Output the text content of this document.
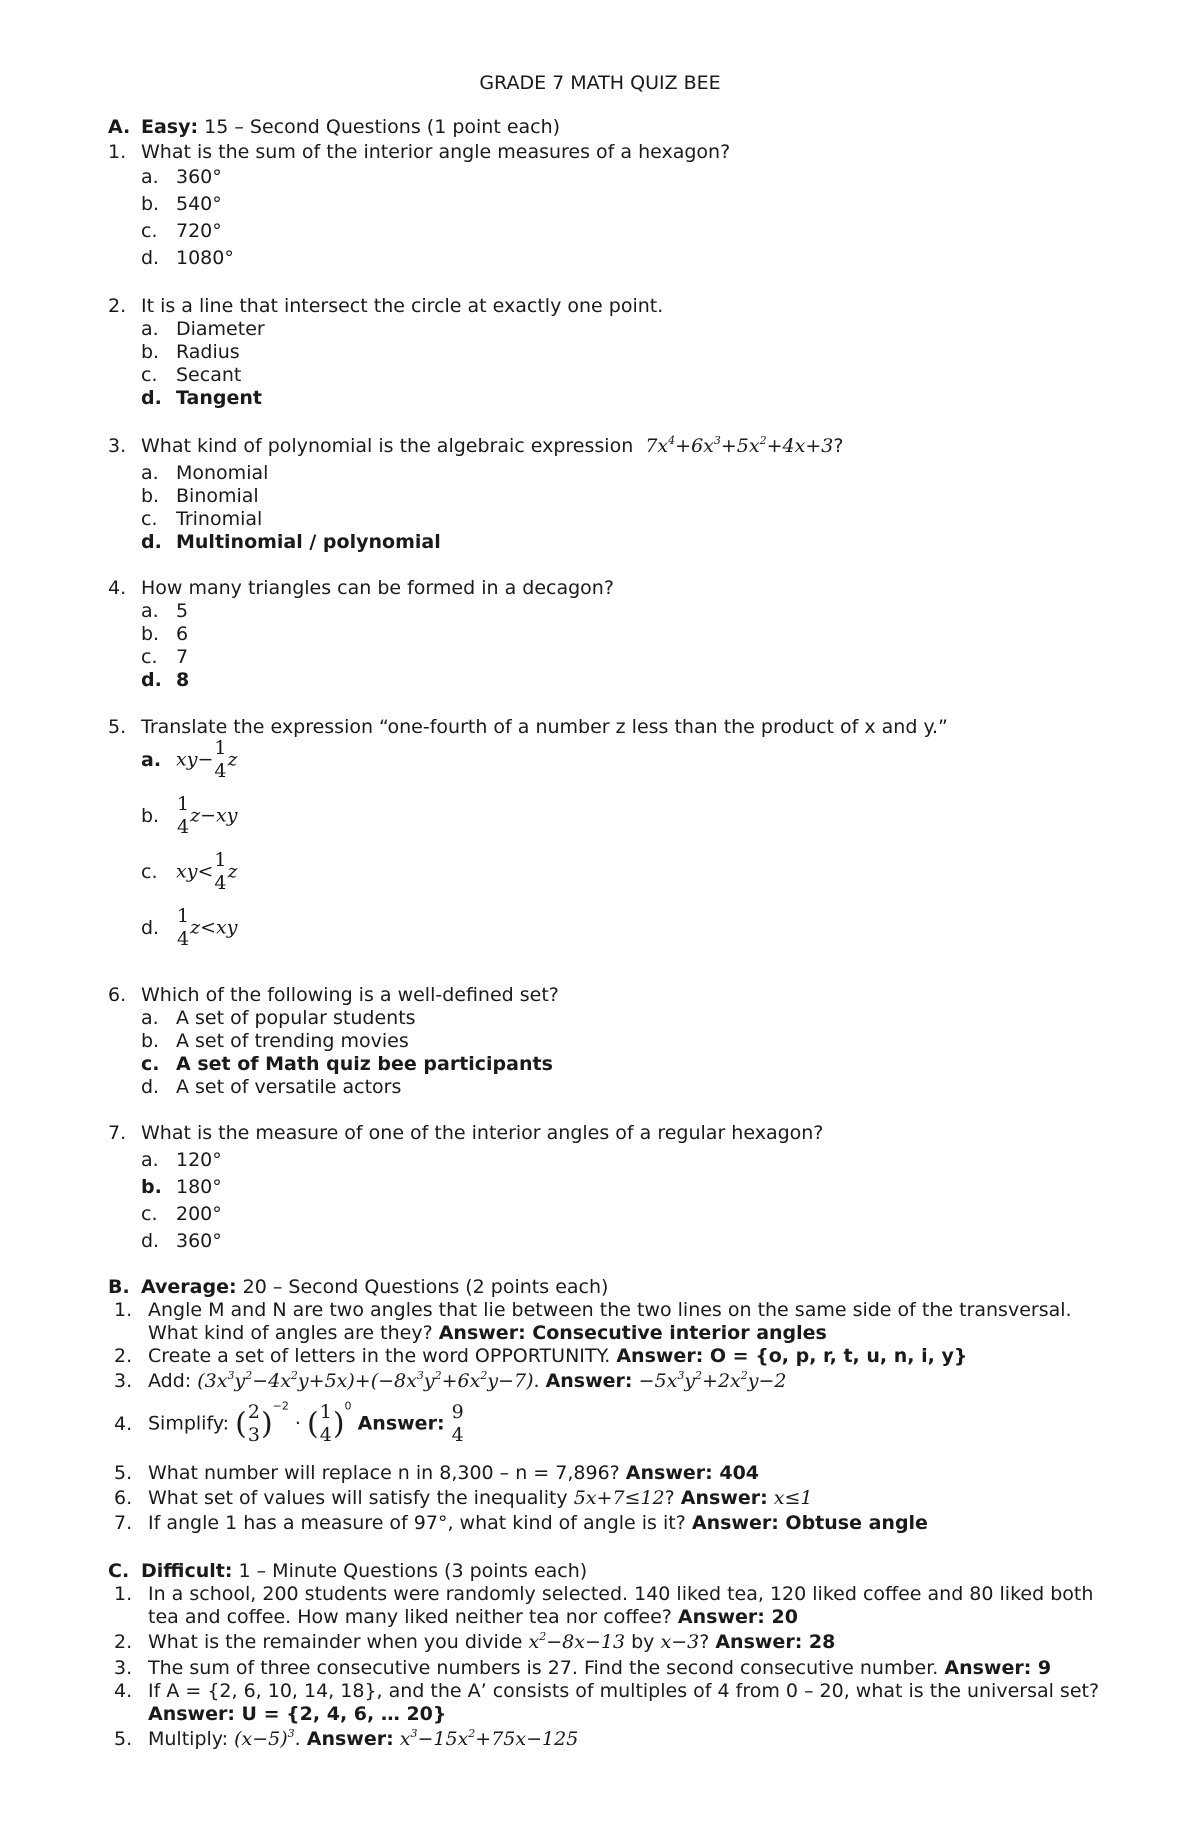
GRADE 7 MATH QUIZ BEE
A. Easy: 15 – Second Questions (1 point each)
1. What is the sum of the interior angle measures of a hexagon?
a. 360°
b. 540°
c. 720°
d. 1080°
2. It is a line that intersect the circle at exactly one point.
a. Diameter
b. Radius
c. Secant
d. Tangent
3. What kind of polynomial is the algebraic expression $7x^4+6x^3+5x^2+4x+3$?
a. Monomial
b. Binomial
c. Trinomial
d. Multinomial / polynomial
4. How many triangles can be formed in a decagon?
a. 5
b. 6
c. 7
d. 8
5. Translate the expression “one-fourth of a number z less than the product of x and y.”
a. xy−
1
4
z
b.
1
4
z−xy
c. xy<
1
4
z
d.
1
4
z<xy
6. Which of the following is a well-defined set?
a. A set of popular students
b. A set of trending movies
c. A set of Math quiz bee participants
d. A set of versatile actors
7. What is the measure of one of the interior angles of a regular hexagon?
a. 120°
b. 180°
c. 200°
d. 360°
B. Average: 20 – Second Questions (2 points each)
1. Angle M and N are two angles that lie between the two lines on the same side of the transversal.
What kind of angles are they? Answer: Consecutive interior angles
2. Create a set of letters in the word OPPORTUNITY. Answer: O = {o, p, r, t, u, n, i, y}
3. Add: $(3x^3y^2-4x^2y+5x)+(-8x^3y^2+6x^2y-7)$. Answer: $-5x^3y^2+2x^2y-2$
4. Simplify: ( 2
3 )$^{-2}$ ⋅ ( 1
4 )$^0$ Answer:
9
4
5. What number will replace n in 8,300 – n = 7,896? Answer: 404
6. What set of values will satisfy the inequality 5x+7≤12? Answer: x≤1
7. If angle 1 has a measure of 97°, what kind of angle is it? Answer: Obtuse angle
C. Difficult: 1 – Minute Questions (3 points each)
1. In a school, 200 students were randomly selected. 140 liked tea, 120 liked coffee and 80 liked both
tea and coffee. How many liked neither tea nor coffee? Answer: 20
2. What is the remainder when you divide $x^2-8x-13$ by x−3? Answer: 28
3. The sum of three consecutive numbers is 27. Find the second consecutive number. Answer: 9
4. If A = {2, 6, 10, 14, 18}, and the A’ consists of multiples of 4 from 0 – 20, what is the universal set?
Answer: U = {2, 4, 6, … 20}
5. Multiply: $(x-5)^3$. Answer: $x^3-15x^2+75x-125$
